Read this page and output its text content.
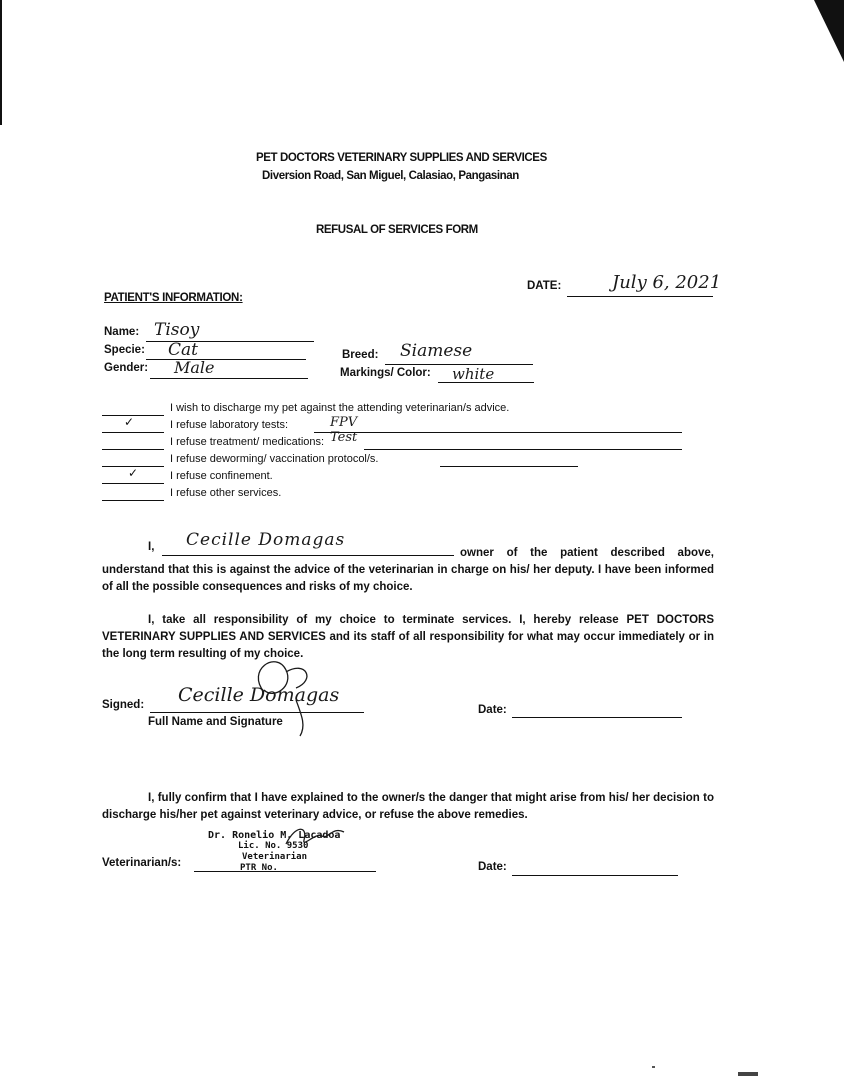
PET DOCTORS VETERINARY SUPPLIES AND SERVICES
Diversion Road, San Miguel, Calasiao, Pangasinan
REFUSAL OF SERVICES FORM
DATE:	July 6, 2021
PATIENT'S INFORMATION:
Name: Tisoy
Specie: Cat
Gender: Male
Breed: Siamese
Markings/ Color: white
I wish to discharge my pet against the attending veterinarian/s advice.
✓	I refuse laboratory tests:	FPV Test
I refuse treatment/ medications:
I refuse deworming/ vaccination protocol/s.
✓	I refuse confinement.
I refuse other services.
I, Cecille Domagas
owner of the patient described above, understand that this is against the advice of the veterinarian in charge on his/ her deputy. I have been informed of all the possible consequences and risks of my choice.
I, take all responsibility of my choice to terminate services. I, hereby release PET DOCTORS VETERINARY SUPPLIES AND SERVICES and its staff of all responsibility for what may occur immediately or in the long term resulting of my choice.
Signed: Cecille Domagas
Full Name and Signature
Date:
I, fully confirm that I have explained to the owner/s the danger that might arise from his/ her decision to discharge his/her pet against veterinary advice, or refuse the above remedies.
Veterinarian/s:
Dr. Ronelio M. Lacadoa
Lic. No. 9530
Veterinarian
PTR No.	Date:
